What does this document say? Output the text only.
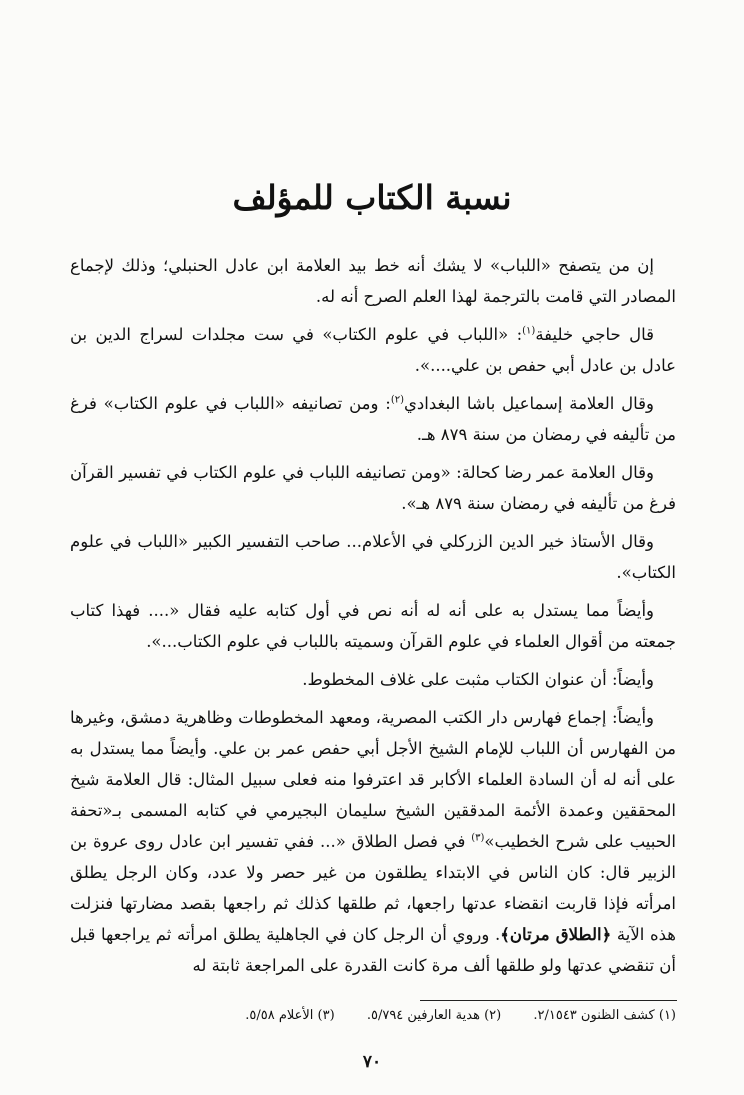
نسبة الكتاب للمؤلف

إن من يتصفح «اللباب» لا يشك أنه خط بيد العلامة ابن عادل الحنبلي؛ وذلك لإجماع المصادر التي قامت بالترجمة لهذا العلم الصرح أنه له.

قال حاجي خليفة$^{(١)}$: «اللباب في علوم الكتاب» في ست مجلدات لسراج الدين بن عادل بن عادل أبي حفص بن علي....».

وقال العلامة إسماعيل باشا البغدادي$^{(٢)}$: ومن تصانيفه «اللباب في علوم الكتاب» فرغ من تأليفه في رمضان من سنة ٨٧٩ هـ.

وقال العلامة عمر رضا كحالة: «ومن تصانيفه اللباب في علوم الكتاب في تفسير القرآن فرغ من تأليفه في رمضان سنة ٨٧٩ هـ».

وقال الأستاذ خير الدين الزركلي في الأعلام... صاحب التفسير الكبير «اللباب في علوم الكتاب».

وأيضاً مما يستدل به على أنه له أنه نص في أول كتابه عليه فقال «.... فهذا كتاب جمعته من أقوال العلماء في علوم القرآن وسميته باللباب في علوم الكتاب...».

وأيضاً: أن عنوان الكتاب مثبت على غلاف المخطوط.

وأيضاً: إجماع فهارس دار الكتب المصرية، ومعهد المخطوطات وظاهرية دمشق، وغيرها من الفهارس أن اللباب للإمام الشيخ الأجل أبي حفص عمر بن علي. وأيضاً مما يستدل به على أنه له أن السادة العلماء الأكابر قد اعترفوا منه فعلى سبيل المثال: قال العلامة شيخ المحققين وعمدة الأئمة المدققين الشيخ سليمان البجيرمي في كتابه المسمى بـ«تحفة الحبيب على شرح الخطيب»$^{(٣)}$ في فصل الطلاق «... ففي تفسير ابن عادل روى عروة بن الزبير قال: كان الناس في الابتداء يطلقون من غير حصر ولا عدد، وكان الرجل يطلق امرأته فإذا قاربت انقضاء عدتها راجعها، ثم طلقها كذلك ثم راجعها بقصد مضارتها فنزلت هذه الآية ﴿الطلاق مرتان﴾. وروي أن الرجل كان في الجاهلية يطلق امرأته ثم يراجعها قبل أن تنقضي عدتها ولو طلقها ألف مرة كانت القدرة على المراجعة ثابتة له

(١) كشف الظنون ٢/١٥٤٣. (٢) هدية العارفين ٥/٧٩٤. (٣) الأعلام ٥/٥٨.
٧٠
